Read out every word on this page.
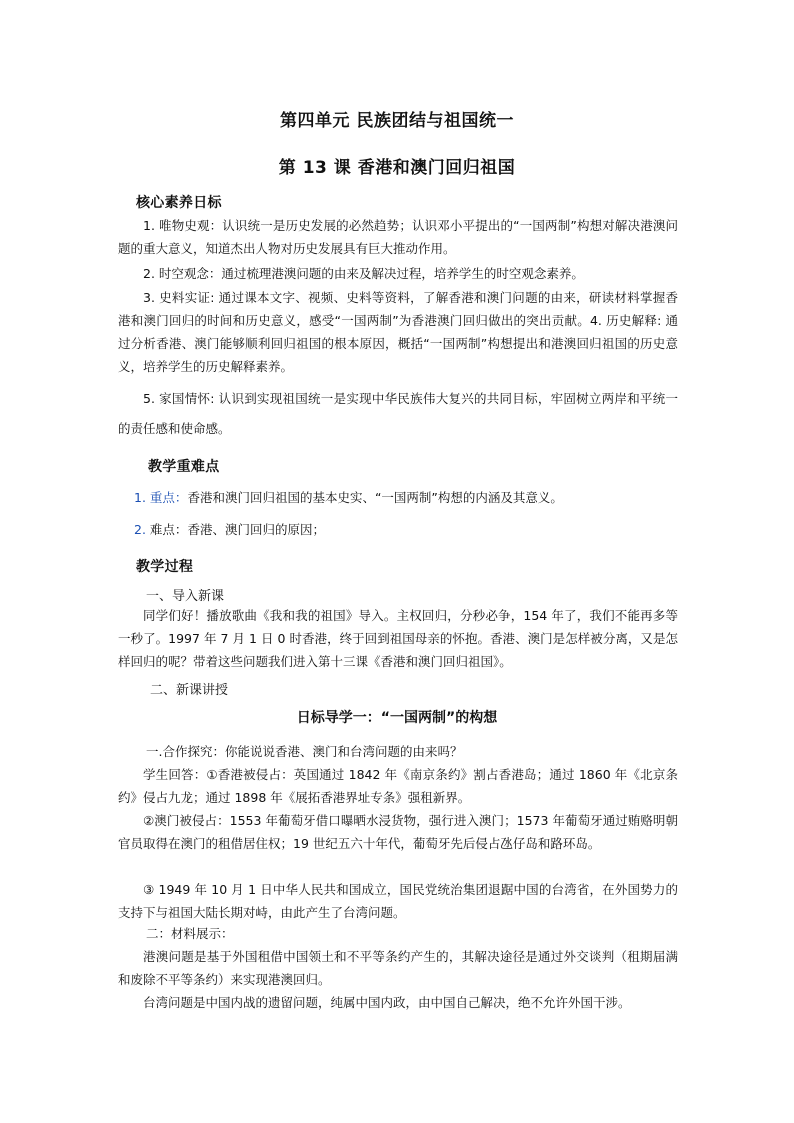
第四单元 民族团结与祖国统一
第 13 课 香港和澳门回归祖国
核心素养日标
1. 唯物史观：认识统一是历史发展的必然趋势；认识邓小平提出的“一国两制”构想对解决港澳问题的重大意义，知道杰出人物对历史发展具有巨大推动作用。
2. 时空观念：通过梳理港澳问题的由来及解决过程，培养学生的时空观念素养。
3. 史料实证: 通过课本文字、视频、史料等资料，了解香港和澳门问题的由来，研读材料掌握香港和澳门回归的时间和历史意义，感受“一国两制”为香港澳门回归做出的突出贡献。4. 历史解释: 通过分析香港、澳门能够顺利回归祖国的根本原因，概括“一国两制”构想提出和港澳回归祖国的历史意义，培养学生的历史解释素养。
5. 家国情怀: 认识到实现祖国统一是实现中华民族伟大复兴的共同目标，牢固树立两岸和平统一的责任感和使命感。
教学重难点
1. 重点：香港和澳门回归祖国的基本史实、“一国两制”构想的内涵及其意义。
2. 难点：香港、澳门回归的原因；
教学过程
一、导入新课
同学们好！播放歌曲《我和我的祖国》导入。主权回归，分秒必争，154 年了，我们不能再多等一秒了。1997 年 7 月 1 日 0 时香港，终于回到祖国母亲的怀抱。香港、澳门是怎样被分离，又是怎样回归的呢？带着这些问题我们进入第十三课《香港和澳门回归祖国》。
二、新课讲授
日标导学一：“一国两制”的构想
一.合作探究：你能说说香港、澳门和台湾问题的由来吗？
学生回答：①香港被侵占：英国通过 1842 年《南京条约》割占香港岛；通过 1860 年《北京条约》侵占九龙；通过 1898 年《展拓香港界址专条》强租新界。
②澳门被侵占：1553 年葡萄牙借口曝晒水浸货物，强行进入澳门；1573 年葡萄牙通过贿赂明朝官员取得在澳门的租借居住权；19 世纪五六十年代，葡萄牙先后侵占氹仔岛和路环岛。
③ 1949 年 10 月 1 日中华人民共和国成立，国民党统治集团退踞中国的台湾省，在外国势力的支持下与祖国大陆长期对峙，由此产生了台湾问题。
二：材料展示：
港澳问题是基于外国租借中国领土和不平等条约产生的，其解决途径是通过外交谈判（租期届满和废除不平等条约）来实现港澳回归。
台湾问题是中国内战的遗留问题，纯属中国内政，由中国自己解决，绝不允许外国干涉。
